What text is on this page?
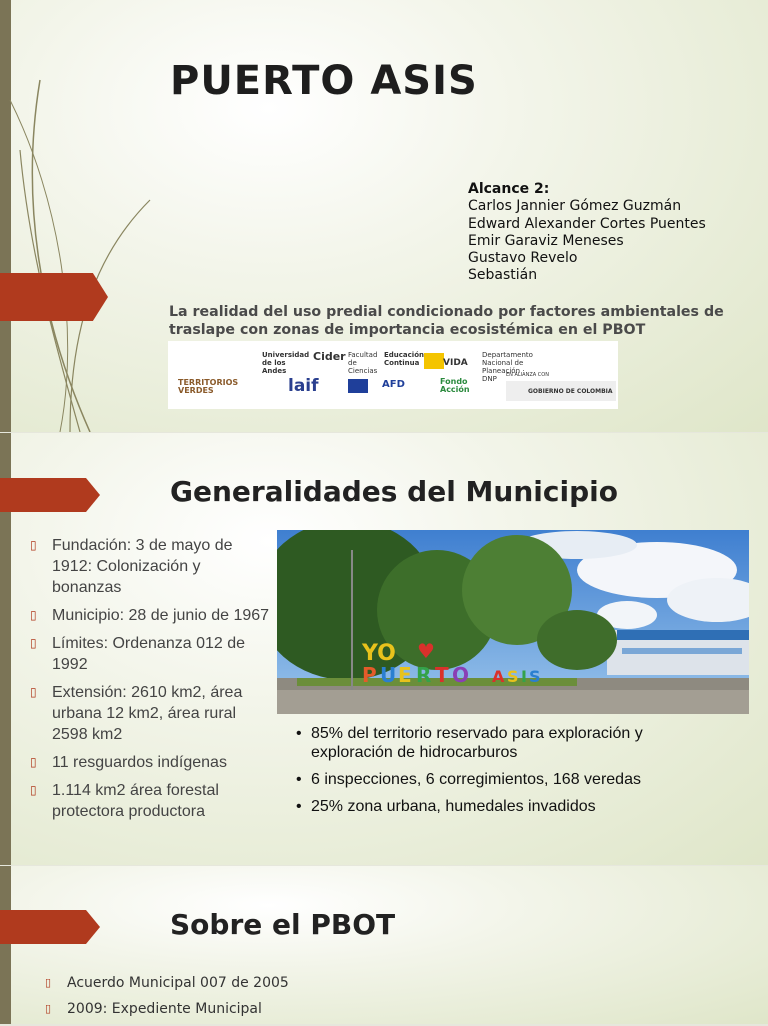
PUERTO ASIS
Alcance 2:
Carlos Jannier Gómez Guzmán
Edward Alexander Cortes Puentes
Emir Garaviz Meneses
Gustavo Revelo
Sebastián
La realidad del uso predial condicionado por factores ambientales de traslape con zonas de importancia ecosistémica en el PBOT
Universidad de los Andes
Cider Facultad de Ciencias
Educación Continua	VIDA
Departamento Nacional de Planeación · DNP
TERRITORIOS VERDES	laif	AFD	Fondo Acción
EN ALIANZA CON
GOBIERNO DE COLOMBIA
Generalidades del Municipio
▯ Fundación: 3 de mayo de 1912: Colonización y bonanzas
▯ Municipio: 28 de junio de 1967
▯ Límites: Ordenanza 012 de 1992
▯ Extensión: 2610 km2, área urbana 12 km2, área rural 2598 km2
▯ 11 resguardos indígenas
▯ 1.114 km2 área forestal protectora productora
YO ♥
P U E R T O A S I S
• 85% del territorio reservado para exploración y exploración de hidrocarburos
• 6 inspecciones, 6 corregimientos, 168 veredas
• 25% zona urbana, humedales invadidos
Sobre el PBOT
▯ Acuerdo Municipal 007 de 2005
▯ 2009: Expediente Municipal
